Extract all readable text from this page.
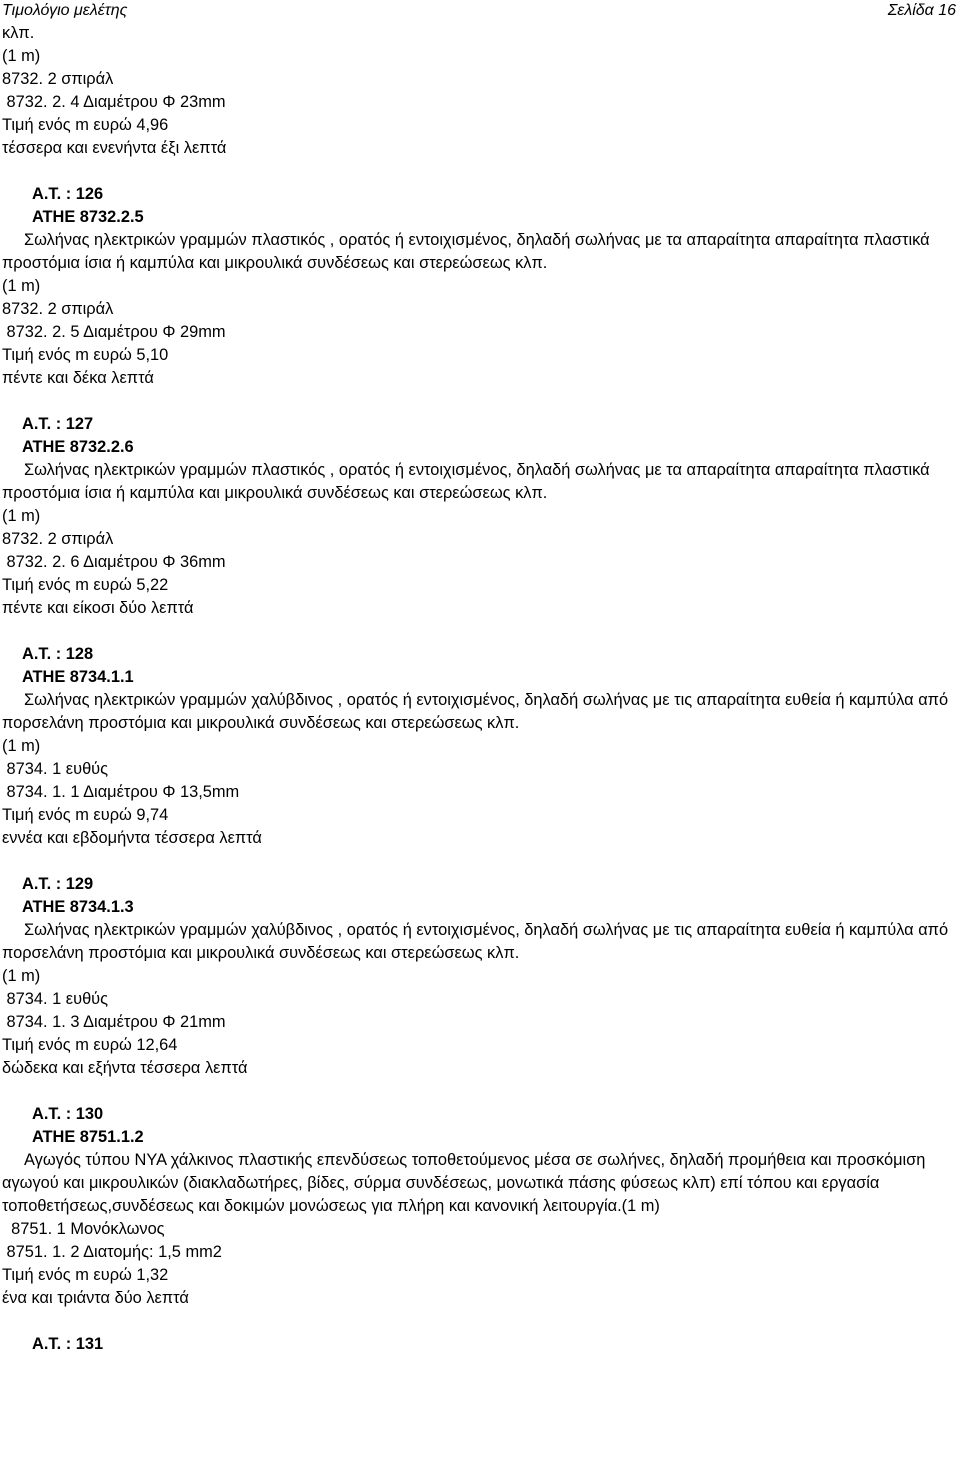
Τιμολόγιο μελέτης	Σελίδα 16
κλπ.
(1 m)
8732. 2 σπιράλ
8732. 2. 4 Διαμέτρου Φ 23mm
Τιμή ενός m ευρώ 4,96
τέσσερα και ενενήντα έξι λεπτά
Α.Τ. : 126
ΑΤΗΕ 8732.2.5
Σωλήνας ηλεκτρικών γραμμών πλαστικός , ορατός ή εντοιχισμένος, δηλαδή σωλήνας με τα απαραίτητα απαραίτητα πλαστικά προστόμια ίσια ή καμπύλα και μικρουλικά συνδέσεως και στερεώσεως κλπ.
(1 m)
8732. 2 σπιράλ
8732. 2. 5 Διαμέτρου Φ 29mm
Τιμή ενός m ευρώ 5,10
πέντε και δέκα λεπτά
Α.Τ. : 127
ΑΤΗΕ 8732.2.6
Σωλήνας ηλεκτρικών γραμμών πλαστικός , ορατός ή εντοιχισμένος, δηλαδή σωλήνας με τα απαραίτητα απαραίτητα πλαστικά προστόμια ίσια ή καμπύλα και μικρουλικά συνδέσεως και στερεώσεως κλπ.
(1 m)
8732. 2 σπιράλ
8732. 2. 6 Διαμέτρου Φ 36mm
Τιμή ενός m ευρώ 5,22
πέντε και είκοσι δύο λεπτά
Α.Τ. : 128
ΑΤΗΕ 8734.1.1
Σωλήνας ηλεκτρικών γραμμών χαλύβδινος , ορατός ή εντοιχισμένος, δηλαδή σωλήνας με τις απαραίτητα ευθεία ή καμπύλα από πορσελάνη προστόμια και μικρουλικά συνδέσεως και στερεώσεως κλπ.
(1 m)
8734. 1 ευθύς
8734. 1. 1 Διαμέτρου Φ 13,5mm
Τιμή ενός m ευρώ 9,74
εννέα και εβδομήντα τέσσερα λεπτά
Α.Τ. : 129
ΑΤΗΕ 8734.1.3
Σωλήνας ηλεκτρικών γραμμών χαλύβδινος , ορατός ή εντοιχισμένος, δηλαδή σωλήνας με τις απαραίτητα ευθεία ή καμπύλα από πορσελάνη προστόμια και μικρουλικά συνδέσεως και στερεώσεως κλπ.
(1 m)
8734. 1 ευθύς
8734. 1. 3 Διαμέτρου Φ 21mm
Τιμή ενός m ευρώ 12,64
δώδεκα και εξήντα τέσσερα λεπτά
Α.Τ. : 130
ΑΤΗΕ 8751.1.2
Αγωγός τύπου ΝΥΑ χάλκινος πλαστικής επενδύσεως τοποθετούμενος μέσα σε σωλήνες, δηλαδή προμήθεια και προσκόμιση αγωγού και μικρουλικών (διακλαδωτήρες, βίδες, σύρμα συνδέσεως, μονωτικά πάσης φύσεως κλπ) επί τόπου και εργασία τοποθετήσεως,συνδέσεως και δοκιμών μονώσεως για πλήρη και κανονική λειτουργία.(1 m)
8751. 1 Μονόκλωνος
8751. 1. 2 Διατομής: 1,5 mm2
Τιμή ενός m ευρώ 1,32
ένα και τριάντα δύο λεπτά
Α.Τ. : 131
